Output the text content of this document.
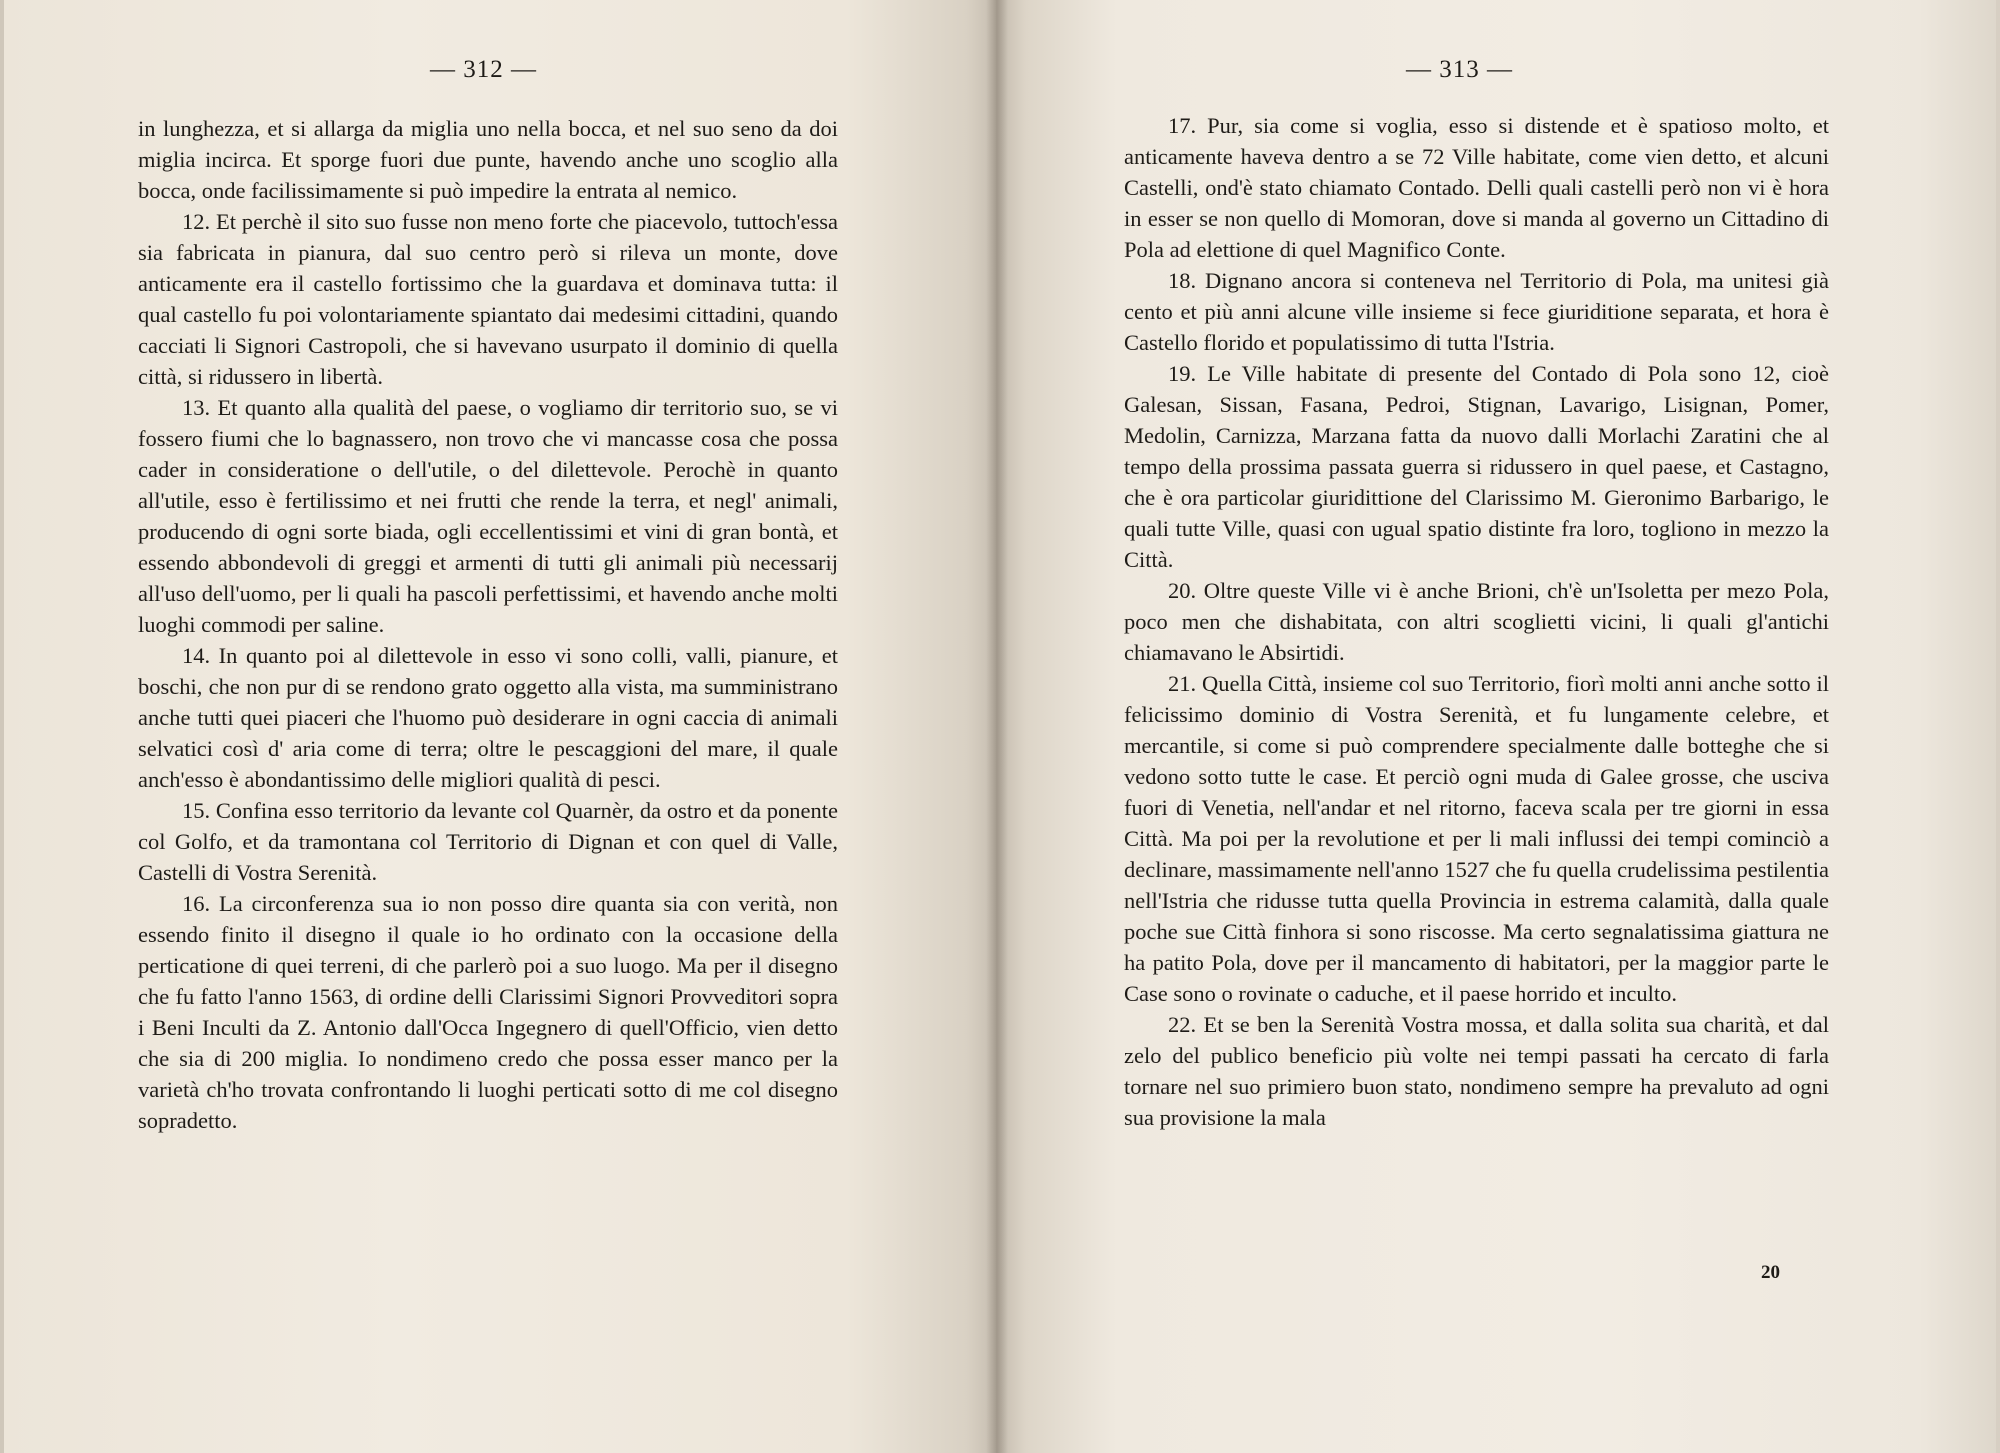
— 312 —

in lunghezza, et si allarga da miglia uno nella bocca, et nel suo seno da doi miglia incirca. Et sporge fuori due punte, havendo anche uno scoglio alla bocca, onde facilissimamente si può impedire la entrata al nemico.

12. Et perchè il sito suo fusse non meno forte che piacevolo, tuttoch'essa sia fabricata in pianura, dal suo centro però si rileva un monte, dove anticamente era il castello fortissimo che la guardava et dominava tutta: il qual castello fu poi volontariamente spiantato dai medesimi cittadini, quando cacciati li Signori Castropoli, che si havevano usurpato il dominio di quella città, si ridussero in libertà.

13. Et quanto alla qualità del paese, o vogliamo dir territorio suo, se vi fossero fiumi che lo bagnassero, non trovo che vi mancasse cosa che possa cader in consideratione o dell'utile, o del dilettevole. Perochè in quanto all'utile, esso è fertilissimo et nei frutti che rende la terra, et negl' animali, producendo di ogni sorte biada, ogli eccellentissimi et vini di gran bontà, et essendo abbondevoli di greggi et armenti di tutti gli animali più necessarij all'uso dell'uomo, per li quali ha pascoli perfettissimi, et havendo anche molti luoghi commodi per saline.

14. In quanto poi al dilettevole in esso vi sono colli, valli, pianure, et boschi, che non pur di se rendono grato oggetto alla vista, ma sumministrano anche tutti quei piaceri che l'huomo può desiderare in ogni caccia di animali selvatici così d' aria come di terra; oltre le pescaggioni del mare, il quale anch'esso è abondantissimo delle migliori qualità di pesci.

15. Confina esso territorio da levante col Quarnèr, da ostro et da ponente col Golfo, et da tramontana col Territorio di Dignan et con quel di Valle, Castelli di Vostra Serenità.

16. La circonferenza sua io non posso dire quanta sia con verità, non essendo finito il disegno il quale io ho ordinato con la occasione della perticatione di quei terreni, di che parlerò poi a suo luogo. Ma per il disegno che fu fatto l'anno 1563, di ordine delli Clarissimi Signori Provveditori sopra i Beni Inculti da Z. Antonio dall'Occa Ingegnero di quell'Officio, vien detto che sia di 200 miglia. Io nondimeno credo che possa esser manco per la varietà ch'ho trovata confrontando li luoghi perticati sotto di me col disegno sopradetto.

— 313 —

17. Pur, sia come si voglia, esso si distende et è spatioso molto, et anticamente haveva dentro a se 72 Ville habitate, come vien detto, et alcuni Castelli, ond'è stato chiamato Contado. Delli quali castelli però non vi è hora in esser se non quello di Momoran, dove si manda al governo un Cittadino di Pola ad elettione di quel Magnifico Conte.

18. Dignano ancora si conteneva nel Territorio di Pola, ma unitesi già cento et più anni alcune ville insieme si fece giuriditione separata, et hora è Castello florido et populatissimo di tutta l'Istria.

19. Le Ville habitate di presente del Contado di Pola sono 12, cioè Galesan, Sissan, Fasana, Pedroi, Stignan, Lavarigo, Lisignan, Pomer, Medolin, Carnizza, Marzana fatta da nuovo dalli Morlachi Zaratini che al tempo della prossima passata guerra si ridussero in quel paese, et Castagno, che è ora particolar giuridittione del Clarissimo M. Gieronimo Barbarigo, le quali tutte Ville, quasi con ugual spatio distinte fra loro, togliono in mezzo la Città.

20. Oltre queste Ville vi è anche Brioni, ch'è un'Isoletta per mezo Pola, poco men che dishabitata, con altri scoglietti vicini, li quali gl'antichi chiamavano le Absirtidi.

21. Quella Città, insieme col suo Territorio, fiorì molti anni anche sotto il felicissimo dominio di Vostra Serenità, et fu lungamente celebre, et mercantile, si come si può comprendere specialmente dalle botteghe che si vedono sotto tutte le case. Et perciò ogni muda di Galee grosse, che usciva fuori di Venetia, nell'andar et nel ritorno, faceva scala per tre giorni in essa Città. Ma poi per la revolutione et per li mali influssi dei tempi cominciò a declinare, massimamente nell'anno 1527 che fu quella crudelissima pestilentia nell'Istria che ridusse tutta quella Provincia in estrema calamità, dalla quale poche sue Città finhora si sono riscosse. Ma certo segnalatissima giattura ne ha patito Pola, dove per il mancamento di habitatori, per la maggior parte le Case sono o rovinate o caduche, et il paese horrido et inculto.

22. Et se ben la Serenità Vostra mossa, et dalla solita sua charità, et dal zelo del publico beneficio più volte nei tempi passati ha cercato di farla tornare nel suo primiero buon stato, nondimeno sempre ha prevaluto ad ogni sua provisione la mala

20
